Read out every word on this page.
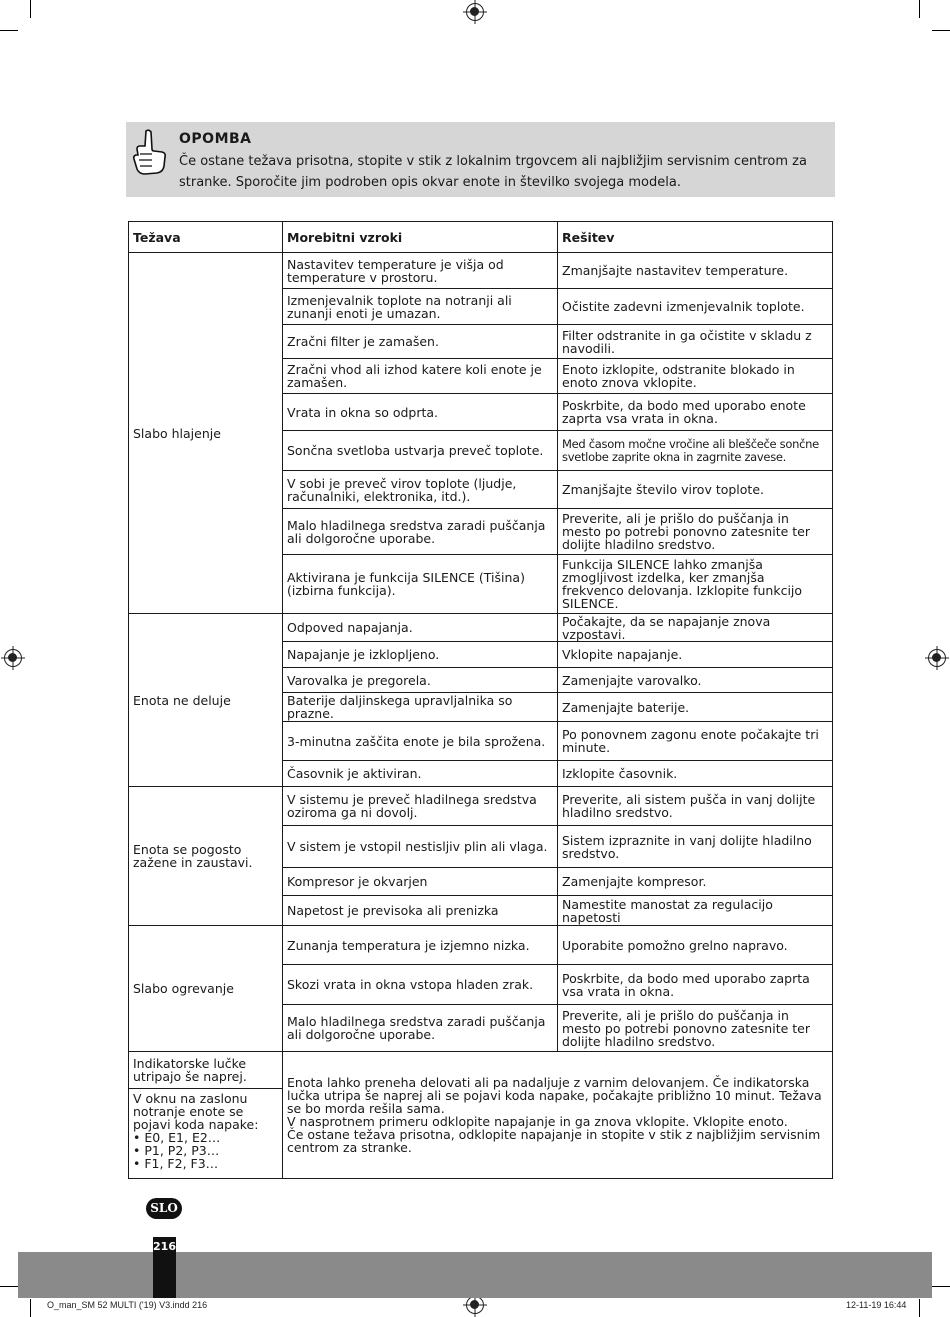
OPOMBA

Če ostane težava prisotna, stopite v stik z lokalnim trgovcem ali najbližjim servisnim centrom za stranke. Sporočite jim podroben opis okvar enote in številko svojega modela.

Težava	Morebitni vzroki	Rešitev
Slabo hlajenje	Nastavitev temperature je višja od temperature v prostoru.	Zmanjšajte nastavitev temperature.
	Izmenjevalnik toplote na notranji ali zunanji enoti je umazan.	Očistite zadevni izmenjevalnik toplote.
	Zračni filter je zamašen.	Filter odstranite in ga očistite v skladu z navodili.
	Zračni vhod ali izhod katere koli enote je zamašen.	Enoto izklopite, odstranite blokado in enoto znova vklopite.
	Vrata in okna so odprta.	Poskrbite, da bodo med uporabo enote zaprta vsa vrata in okna.
	Sončna svetloba ustvarja preveč toplote.	Med časom močne vročine ali bleščeče sončne svetlobe zaprite okna in zagrnite zavese.
	V sobi je preveč virov toplote (ljudje, računalniki, elektronika, itd.).	Zmanjšajte število virov toplote.
	Malo hladilnega sredstva zaradi puščanja ali dolgoročne uporabe.	Preverite, ali je prišlo do puščanja in mesto po potrebi ponovno zatesnite ter dolijte hladilno sredstvo.
	Aktivirana je funkcija SILENCE (Tišina) (izbirna funkcija).	Funkcija SILENCE lahko zmanjša zmogljivost izdelka, ker zmanjša frekvenco delovanja. Izklopite funkcijo SILENCE.
Enota ne deluje	Odpoved napajanja.	Počakajte, da se napajanje znova vzpostavi.
	Napajanje je izklopljeno.	Vklopite napajanje.
	Varovalka je pregorela.	Zamenjajte varovalko.
	Baterije daljinskega upravljalnika so prazne.	Zamenjajte baterije.
	3-minutna zaščita enote je bila sprožena.	Po ponovnem zagonu enote počakajte tri minute.
	Časovnik je aktiviran.	Izklopite časovnik.
Enota se pogosto zažene in zaustavi.	V sistemu je preveč hladilnega sredstva oziroma ga ni dovolj.	Preverite, ali sistem pušča in vanj dolijte hladilno sredstvo.
	V sistem je vstopil nestisljiv plin ali vlaga.	Sistem izpraznite in vanj dolijte hladilno sredstvo.
	Kompresor je okvarjen	Zamenjajte kompresor.
	Napetost je previsoka ali prenizka	Namestite manostat za regulacijo napetosti
Slabo ogrevanje	Zunanja temperatura je izjemno nizka.	Uporabite pomožno grelno napravo.
	Skozi vrata in okna vstopa hladen zrak.	Poskrbite, da bodo med uporabo zaprta vsa vrata in okna.
	Malo hladilnega sredstva zaradi puščanja ali dolgoročne uporabe.	Preverite, ali je prišlo do puščanja in mesto po potrebi ponovno zatesnite ter dolijte hladilno sredstvo.
Indikatorske lučke utripajo še naprej.	Enota lahko preneha delovati ali pa nadaljuje z varnim delovanjem. Če indikatorska lučka utripa še naprej ali se pojavi koda napake, počakajte približno 10 minut. Težava se bo morda rešila sama.
V nasprotnem primeru odklopite napajanje in ga znova vklopite. Vklopite enoto.
Če ostane težava prisotna, odklopite napajanje in stopite v stik z najbližjim servisnim centrom za stranke.	

V oknu na zaslonu notranje enote se pojavi koda napake:
• E0, E1, E2…
• P1, P2, P3…
• F1, F2, F3…		
SLO
216
O_man_SM 52 MULTI ('19) V3.indd 216	12-11-19 16:44
